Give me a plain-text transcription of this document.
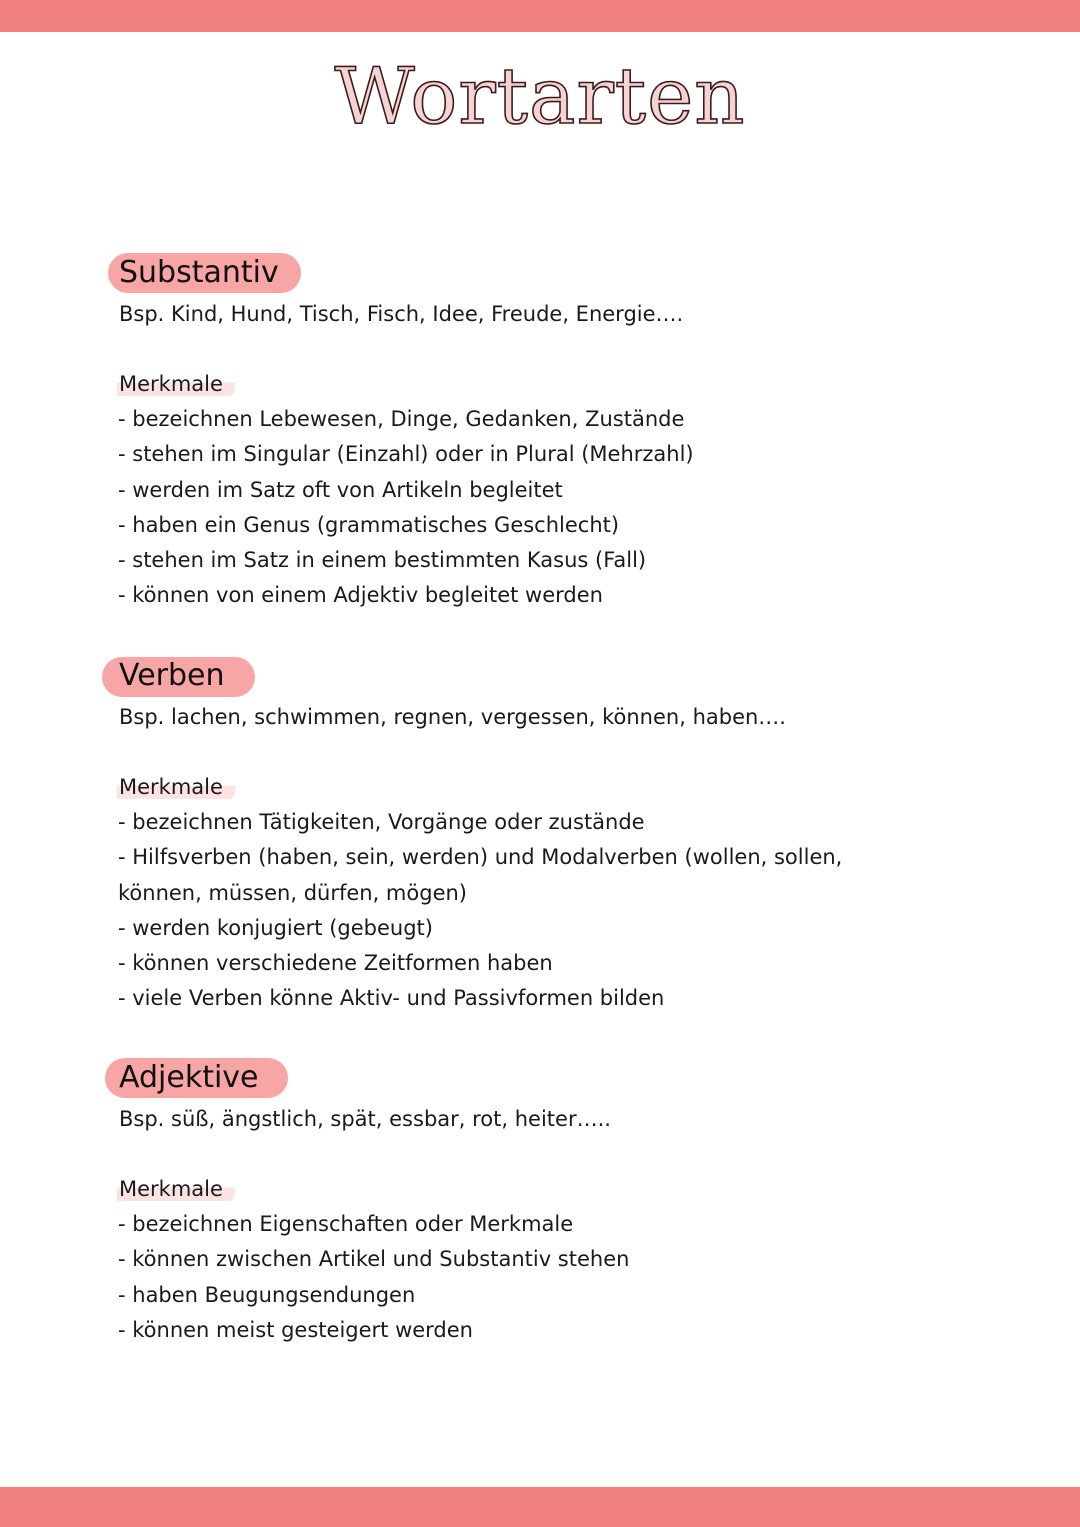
Wortarten
Substantiv

Bsp. Kind, Hund, Tisch, Fisch, Idee, Freude, Energie….

Merkmale

- bezeichnen Lebewesen, Dinge, Gedanken, Zustände
- stehen im Singular (Einzahl) oder in Plural (Mehrzahl)
- werden im Satz oft von Artikeln begleitet
- haben ein Genus (grammatisches Geschlecht)
- stehen im Satz in einem bestimmten Kasus (Fall)
- können von einem Adjektiv begleitet werden
Verben

Bsp. lachen, schwimmen, regnen, vergessen, können, haben….

Merkmale

- bezeichnen Tätigkeiten, Vorgänge oder zustände
- Hilfsverben (haben, sein, werden) und Modalverben (wollen, sollen,
können, müssen, dürfen, mögen)
- werden konjugiert (gebeugt)
- können verschiedene Zeitformen haben
- viele Verben könne Aktiv- und Passivformen bilden
Adjektive

Bsp. süß, ängstlich, spät, essbar, rot, heiter…..

Merkmale

- bezeichnen Eigenschaften oder Merkmale
- können zwischen Artikel und Substantiv stehen
- haben Beugungsendungen
- können meist gesteigert werden
